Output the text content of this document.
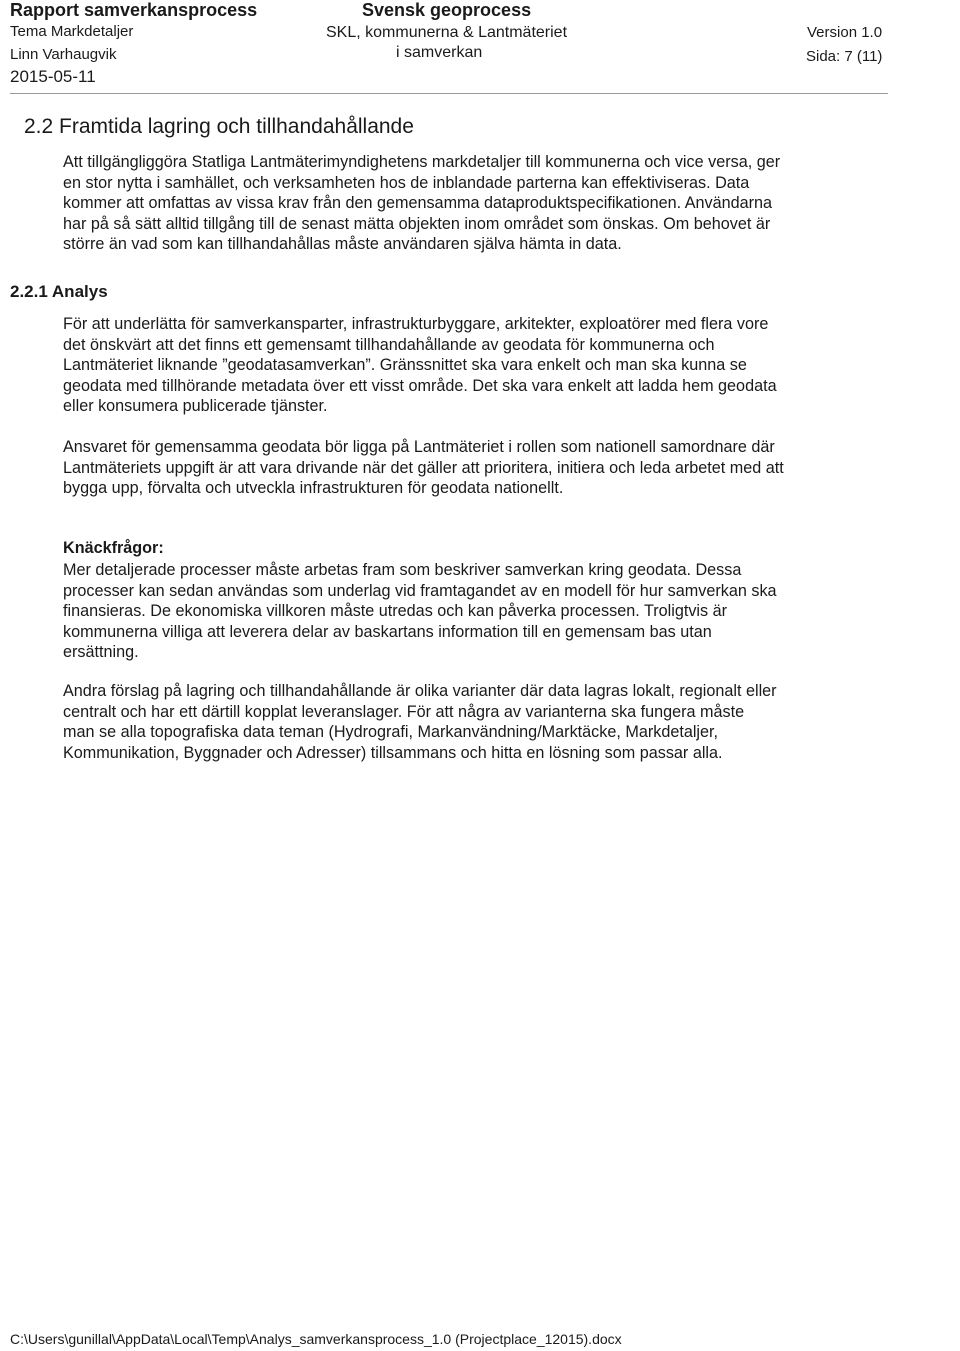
Rapport samverkansprocess
Tema Markdetaljer
Linn Varhaugvik
2015-05-11
Svensk geoprocess
SKL, kommunerna & Lantmäteriet
i samverkan
Version 1.0
Sida: 7 (11)
2.2 Framtida lagring och tillhandahållande

Att tillgängliggöra Statliga Lantmäterimyndighetens markdetaljer till kommunerna och vice versa, ger
en stor nytta i samhället, och verksamheten hos de inblandade parterna kan effektiviseras. Data
kommer att omfattas av vissa krav från den gemensamma dataproduktspecifikationen. Användarna
har på så sätt alltid tillgång till de senast mätta objekten inom området som önskas. Om behovet är
större än vad som kan tillhandahållas måste användaren själva hämta in data.

2.2.1 Analys

För att underlätta för samverkansparter, infrastrukturbyggare, arkitekter, exploatörer med flera vore
det önskvärt att det finns ett gemensamt tillhandahållande av geodata för kommunerna och
Lantmäteriet liknande ”geodatasamverkan”. Gränssnittet ska vara enkelt och man ska kunna se
geodata med tillhörande metadata över ett visst område. Det ska vara enkelt att ladda hem geodata
eller konsumera publicerade tjänster.

Ansvaret för gemensamma geodata bör ligga på Lantmäteriet i rollen som nationell samordnare där
Lantmäteriets uppgift är att vara drivande när det gäller att prioritera, initiera och leda arbetet med att
bygga upp, förvalta och utveckla infrastrukturen för geodata nationellt.

Knäckfrågor:

Mer detaljerade processer måste arbetas fram som beskriver samverkan kring geodata. Dessa
processer kan sedan användas som underlag vid framtagandet av en modell för hur samverkan ska
finansieras. De ekonomiska villkoren måste utredas och kan påverka processen. Troligtvis är
kommunerna villiga att leverera delar av baskartans information till en gemensam bas utan
ersättning.

Andra förslag på lagring och tillhandahållande är olika varianter där data lagras lokalt, regionalt eller
centralt och har ett därtill kopplat leveranslager. För att några av varianterna ska fungera måste
man se alla topografiska data teman (Hydrografi, Markanvändning/Marktäcke, Markdetaljer,
Kommunikation, Byggnader och Adresser) tillsammans och hitta en lösning som passar alla.

C:\Users\gunillal\AppData\Local\Temp\Analys_samverkansprocess_1.0 (Projectplace_12015).docx
